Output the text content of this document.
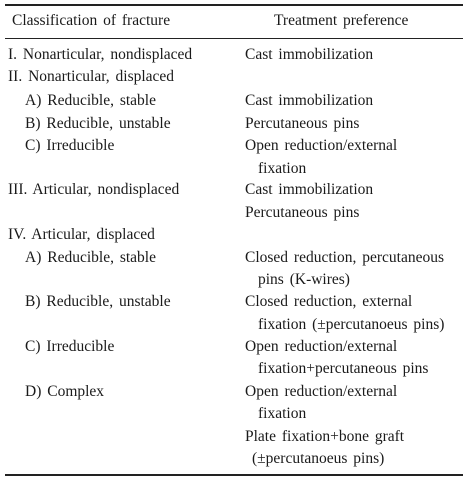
Classification of fracture	Treatment preference
I. Nonarticular, nondisplaced	Cast immobilization
II. Nonarticular, displaced
A) Reducible, stable	Cast immobilization
B) Reducible, unstable	Percutaneous pins
C) Irreducible	Open reduction/external
fixation
III. Articular, nondisplaced	Cast immobilization
Percutaneous pins
IV. Articular, displaced
A) Reducible, stable	Closed reduction, percutaneous
pins (K-wires)
B) Reducible, unstable	Closed reduction, external
fixation (±percutanoeus pins)
C) Irreducible	Open reduction/external
fixation+percutaneous pins
D) Complex	Open reduction/external
fixation
Plate fixation+bone graft
(±percutanoeus pins)
